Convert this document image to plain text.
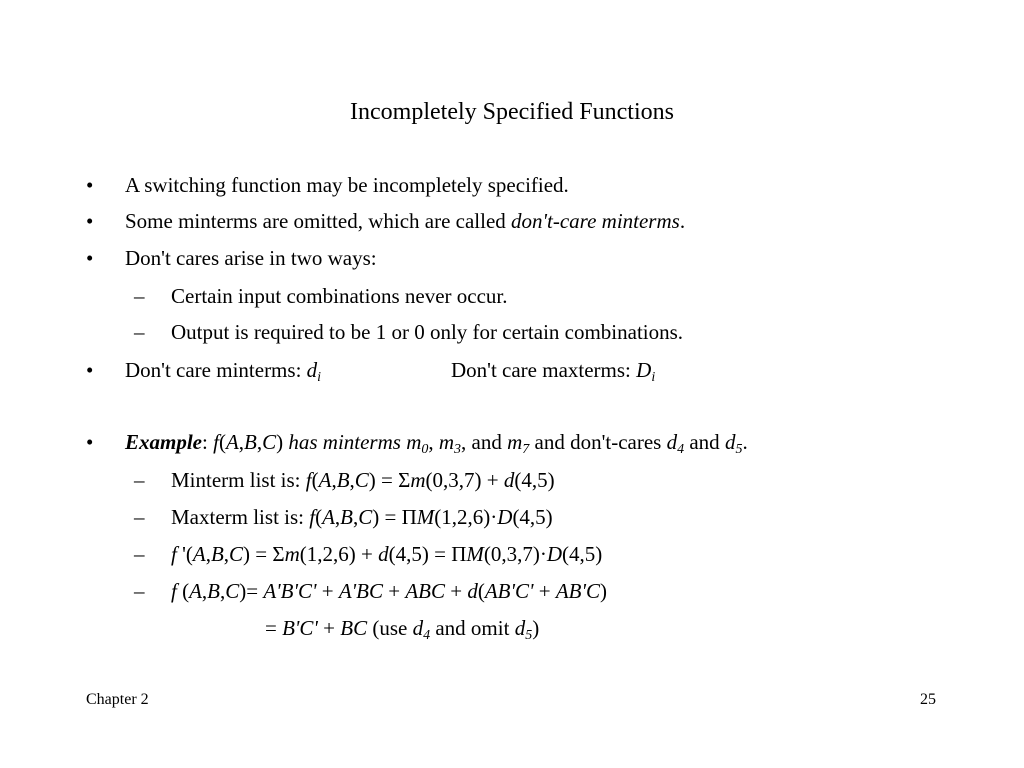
Incompletely Specified Functions
•	A switching function may be incompletely specified.
•	Some minterms are omitted, which are called don't-care minterms.
•	Don't cares arise in two ways:
–	Certain input combinations never occur.
–	Output is required to be 1 or 0 only for certain combinations.
•	Don't care minterms: $d_i$	Don't care maxterms: $D_i$
•	Example: f(A,B,C) has minterms $m_0$, $m_3$, and $m_7$ and don't-cares $d_4$ and $d_5$.
–	Minterm list is: f(A,B,C) = Σm(0,3,7) + d(4,5)
–	Maxterm list is: f(A,B,C) = ΠM(1,2,6)·D(4,5)
–	f '(A,B,C) = Σm(1,2,6) + d(4,5) = ΠM(0,3,7)·D(4,5)
–	f (A,B,C)= A'B'C' + A'BC + ABC + d(AB'C' + AB'C)
= B'C' + BC (use $d_4$ and omit $d_5$)
Chapter 2	25
